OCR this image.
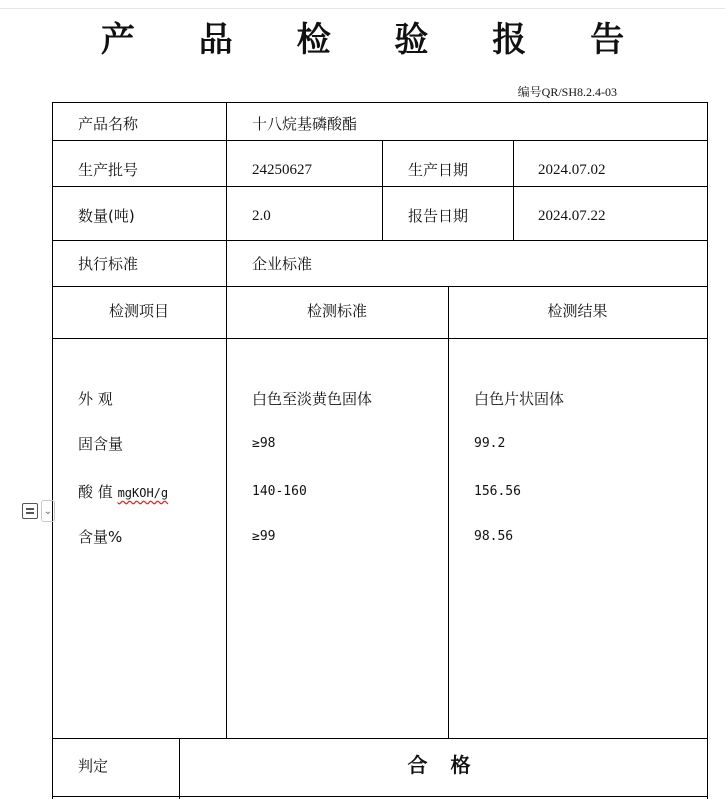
产 品 检 验 报 告
编号QR/SH8.2.4-03
产品名称	十八烷基磷酸酯
生产批号	24250627	生产日期	2024.07.02
数量(吨)	2.0	报告日期	2024.07.22
执行标准	企业标准
检测项目	检测标准	检测结果
外 观	白色至淡黄色固体	白色片状固体
固含量	≥98	99.2
酸 值 mgKOH/g	140-160	156.56
含量%	≥99	98.56
判定	合 格
⌄
